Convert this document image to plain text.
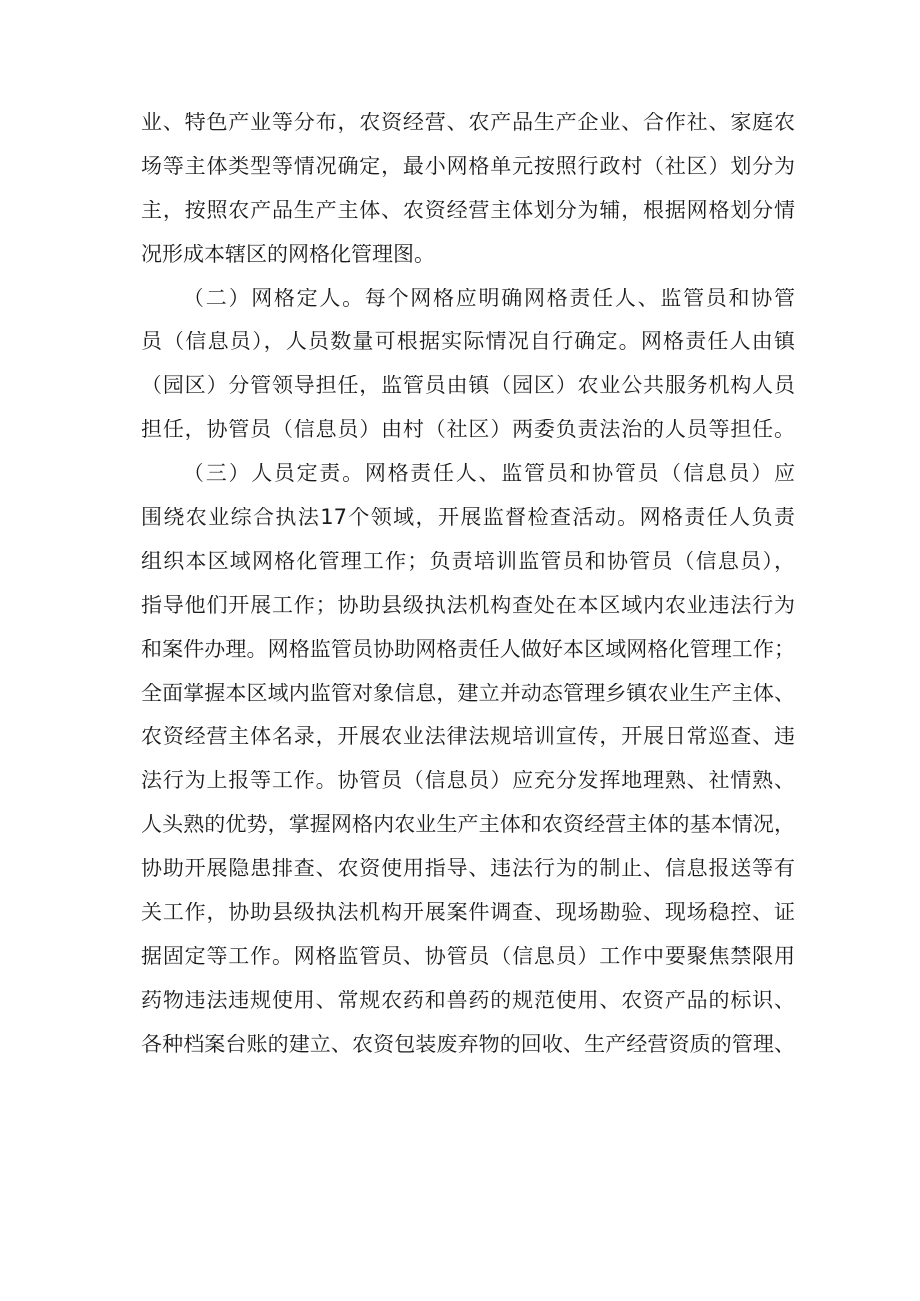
业、特色产业等分布，农资经营、农产品生产企业、合作社、家庭农
场等主体类型等情况确定，最小网格单元按照行政村（社区）划分为
主，按照农产品生产主体、农资经营主体划分为辅，根据网格划分情
况形成本辖区的网格化管理图。
（二）网格定人。每个网格应明确网格责任人、监管员和协管
员（信息员），人员数量可根据实际情况自行确定。网格责任人由镇
（园区）分管领导担任，监管员由镇（园区）农业公共服务机构人员
担任，协管员（信息员）由村（社区）两委负责法治的人员等担任。
（三）人员定责。网格责任人、监管员和协管员（信息员）应
围绕农业综合执法17个领域，开展监督检查活动。网格责任人负责
组织本区域网格化管理工作；负责培训监管员和协管员（信息员），
指导他们开展工作；协助县级执法机构查处在本区域内农业违法行为
和案件办理。网格监管员协助网格责任人做好本区域网格化管理工作；
全面掌握本区域内监管对象信息，建立并动态管理乡镇农业生产主体、
农资经营主体名录，开展农业法律法规培训宣传，开展日常巡查、违
法行为上报等工作。协管员（信息员）应充分发挥地理熟、社情熟、
人头熟的优势，掌握网格内农业生产主体和农资经营主体的基本情况，
协助开展隐患排查、农资使用指导、违法行为的制止、信息报送等有
关工作，协助县级执法机构开展案件调查、现场勘验、现场稳控、证
据固定等工作。网格监管员、协管员（信息员）工作中要聚焦禁限用
药物违法违规使用、常规农药和兽药的规范使用、农资产品的标识、
各种档案台账的建立、农资包装废弃物的回收、生产经营资质的管理、
